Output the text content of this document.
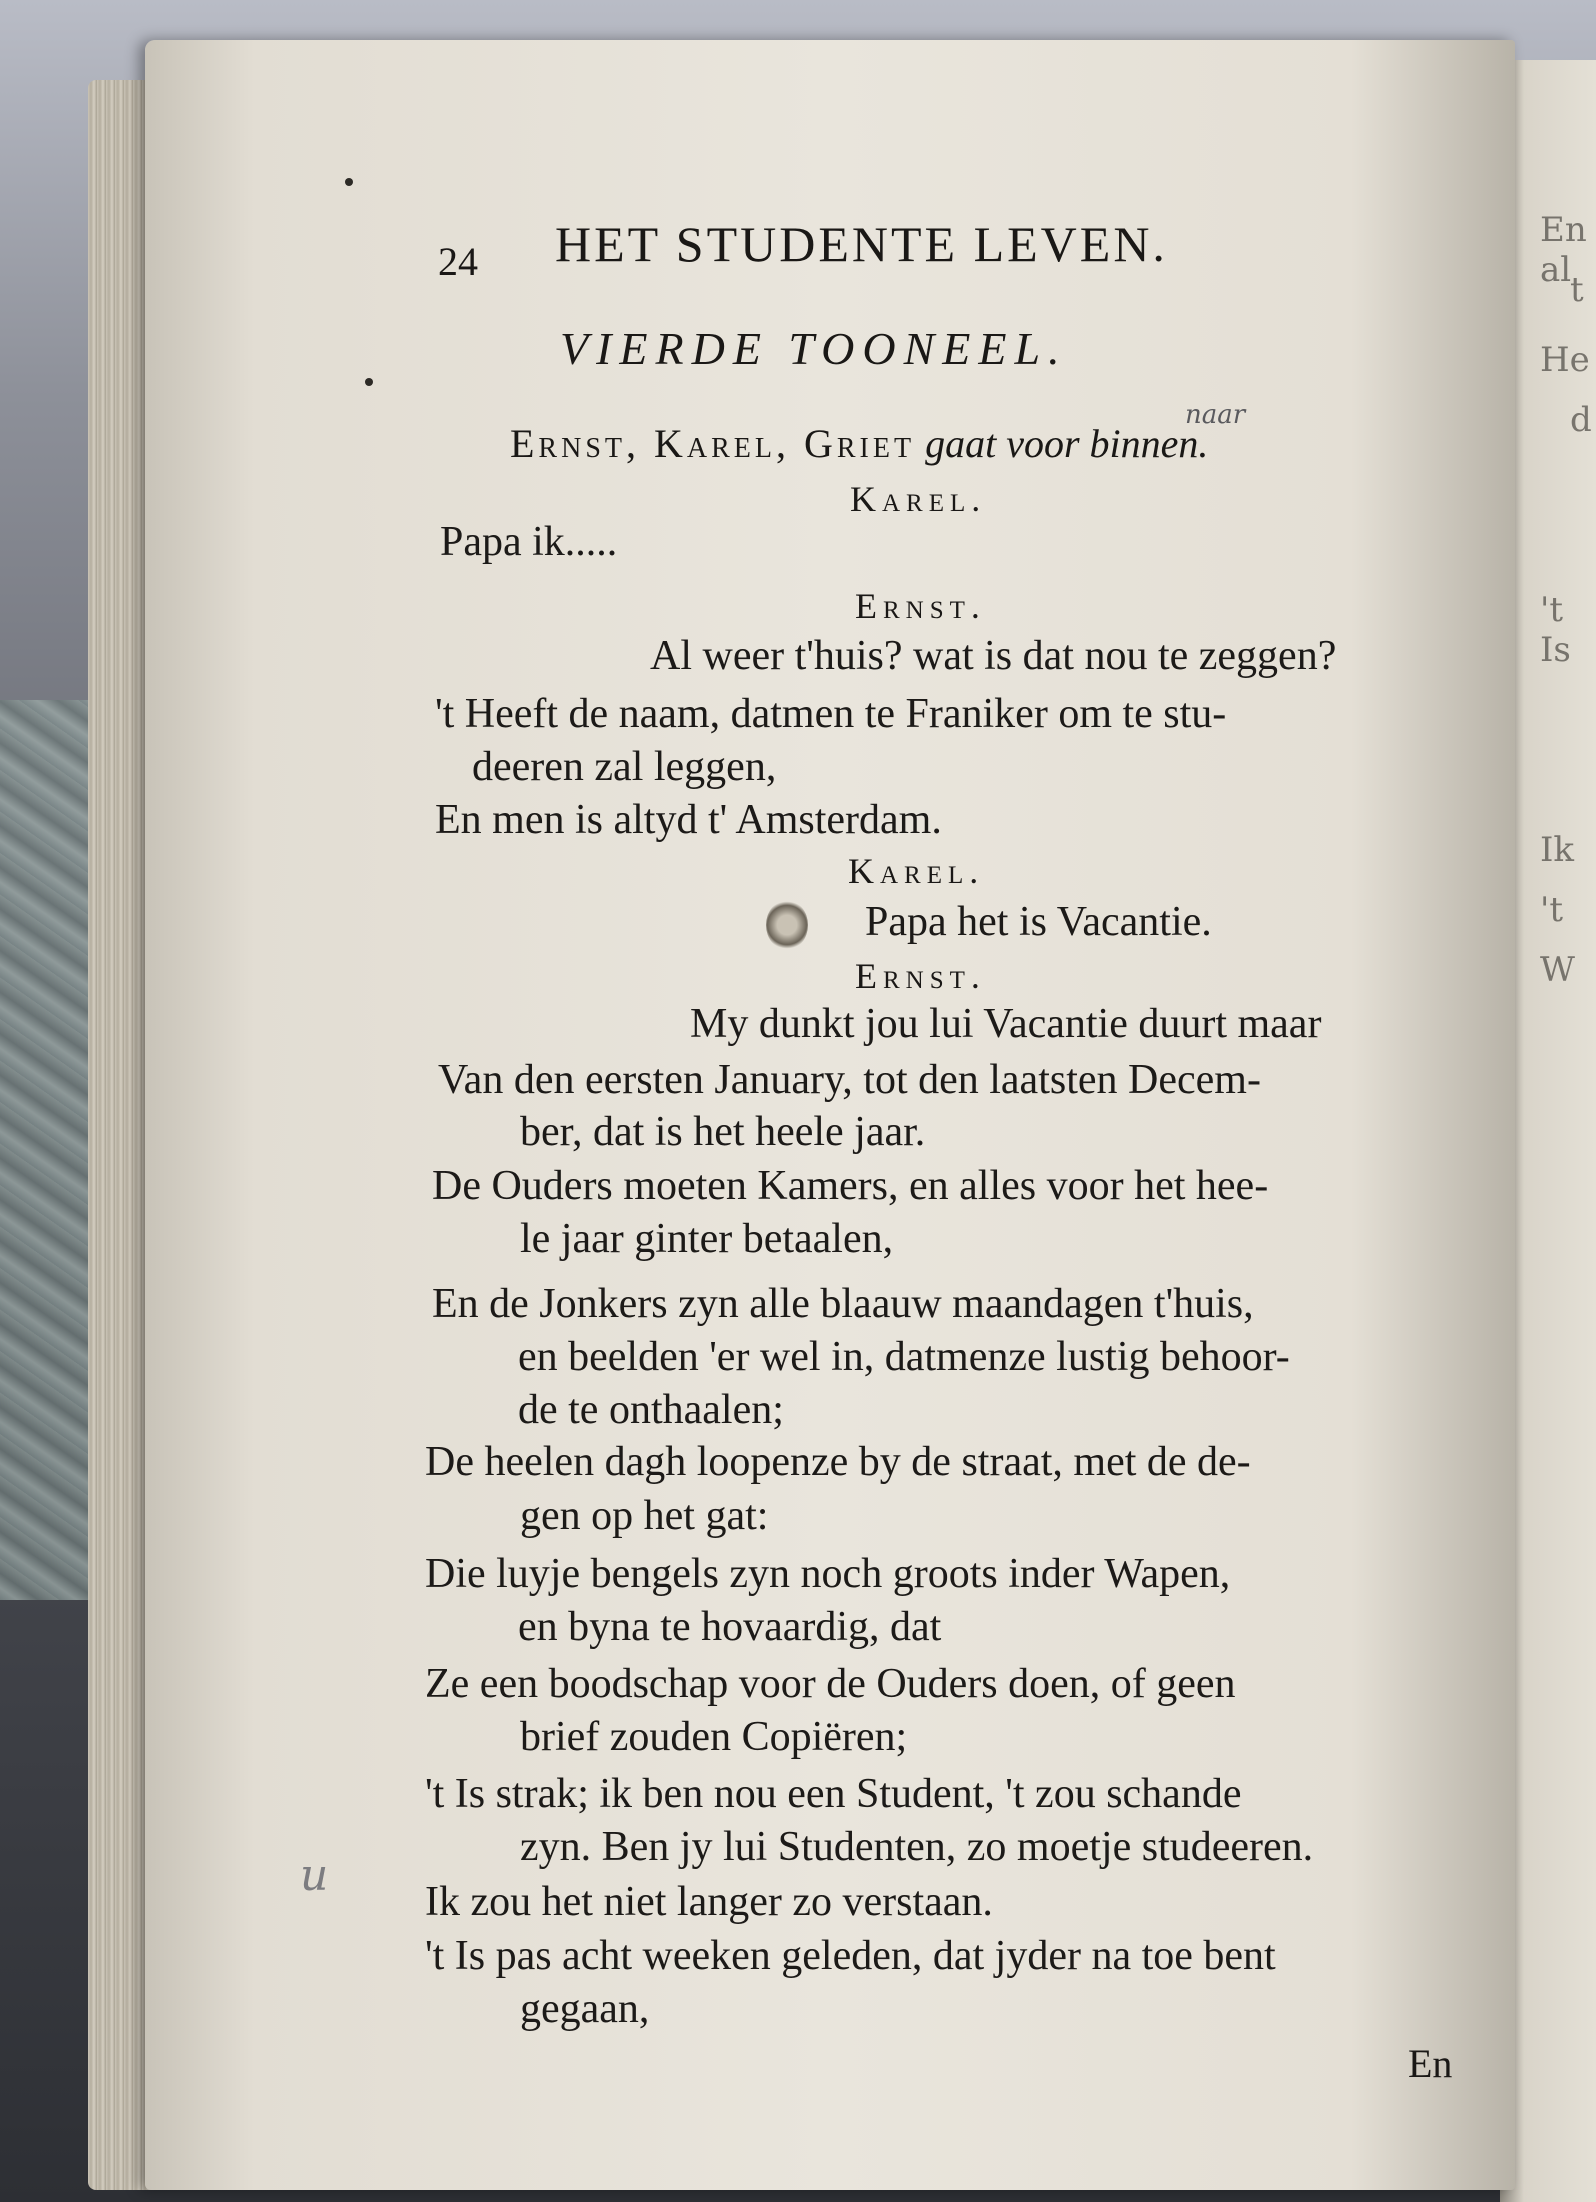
En al
t
He
d
't Is
Ik
't
W
24 HET STUDENTE LEVEN.
VIERDE TOONEEL.
naar
Ernst, Karel, Griet gaat voor binnen.
Karel.
Papa ik.....
Ernst.
Al weer t'huis? wat is dat nou te zeggen?
't Heeft de naam, datmen te Franiker om te stu-
deeren zal leggen,
En men is altyd t' Amsterdam.
Karel.
Papa het is Vacantie.
Ernst.
My dunkt jou lui Vacantie duurt maar
Van den eersten January, tot den laatsten Decem-
ber, dat is het heele jaar.
De Ouders moeten Kamers, en alles voor het hee-
le jaar ginter betaalen,
En de Jonkers zyn alle blaauw maandagen t'huis,
en beelden 'er wel in, datmenze lustig behoor-
de te onthaalen;
De heelen dagh loopenze by de straat, met de de-
gen op het gat:
Die luyje bengels zyn noch groots inder Wapen,
en byna te hovaardig, dat
Ze een boodschap voor de Ouders doen, of geen
brief zouden Copiëren;
't Is strak; ik ben nou een Student, 't zou schande
zyn. Ben jy lui Studenten, zo moetje studeeren.
Ik zou het niet langer zo verstaan.
't Is pas acht weeken geleden, dat jyder na toe bent
gegaan,
En
u
